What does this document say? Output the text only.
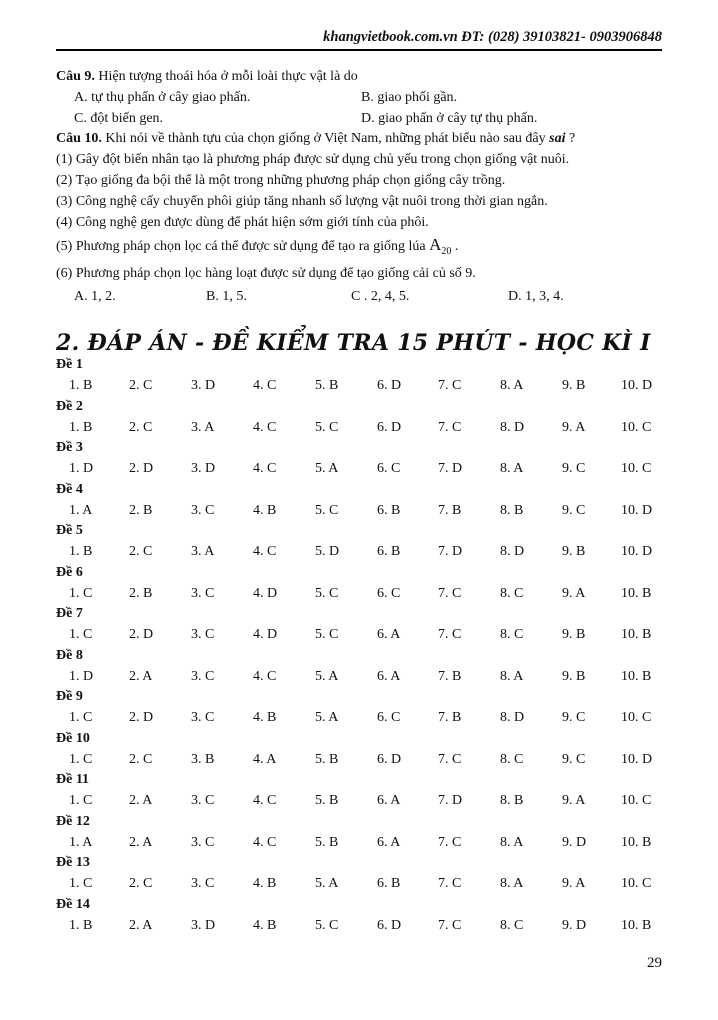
khangvietbook.com.vn ĐT: (028) 39103821- 0903906848
Câu 9. Hiện tượng thoái hóa ở mỗi loài thực vật là do
A. tự thụ phấn ở cây giao phấn.	B. giao phối gần.
C. đột biến gen.	D. giao phấn ở cây tự thụ phấn.
Câu 10. Khi nói về thành tựu của chọn giống ở Việt Nam, những phát biểu nào sau đây sai ?
(1) Gây đột biến nhân tạo là phương pháp được sử dụng chủ yếu trong chọn giống vật nuôi.
(2) Tạo giống đa bội thể là một trong những phương pháp chọn giống cây trồng.
(3) Công nghệ cấy chuyển phôi giúp tăng nhanh số lượng vật nuôi trong thời gian ngắn.
(4) Công nghệ gen được dùng để phát hiện sớm giới tính của phôi.
(5) Phương pháp chọn lọc cá thể được sử dụng để tạo ra giống lúa $A_{20}$ .
(6) Phương pháp chọn lọc hàng loạt được sử dụng để tạo giống cải củ số 9.
A. 1, 2.	B. 1, 5.	C . 2, 4, 5.	D. 1, 3, 4.
2. ĐÁP ÁN - ĐỀ KIỂM TRA 15 PHÚT - HỌC KÌ I
Đề 1
1. B	2. C	3. D	4. C	5. B	6. D	7. C	8. A	9. B	10. D
Đề 2
1. B	2. C	3. A	4. C	5. C	6. D	7. C	8. D	9. A	10. C
Đề 3
1. D	2. D	3. D	4. C	5. A	6. C	7. D	8. A	9. C	10. C
Đề 4
1. A	2. B	3. C	4. B	5. C	6. B	7. B	8. B	9. C	10. D
Đề 5
1. B	2. C	3. A	4. C	5. D	6. B	7. D	8. D	9. B	10. D
Đề 6
1. C	2. B	3. C	4. D	5. C	6. C	7. C	8. C	9. A	10. B
Đề 7
1. C	2. D	3. C	4. D	5. C	6. A	7. C	8. C	9. B	10. B
Đề 8
1. D	2. A	3. C	4. C	5. A	6. A	7. B	8. A	9. B	10. B
Đề 9
1. C	2. D	3. C	4. B	5. A	6. C	7. B	8. D	9. C	10. C
Đề 10
1. C	2. C	3. B	4. A	5. B	6. D	7. C	8. C	9. C	10. D
Đề 11
1. C	2. A	3. C	4. C	5. B	6. A	7. D	8. B	9. A	10. C
Đề 12
1. A	2. A	3. C	4. C	5. B	6. A	7. C	8. A	9. D 10. B
Đề 13
1. C	2. C	3. C	4. B	5. A	6. B	7. C	8. A	9. A	10. C
Đề 14
1. B	2. A	3. D	4. B	5. C	6. D	7. C	8. C	9. D 10. B
29
